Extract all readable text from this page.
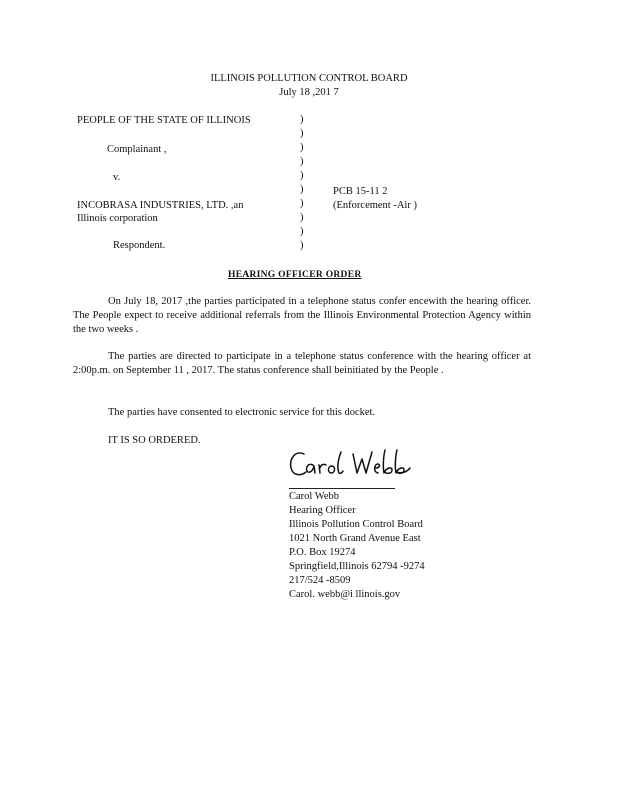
ILLINOIS POLLUTION CONTROL BOARD
July 18 ,201 7
PEOPLE OF THE STATE OF ILLINOIS
Complainant ,
v.
INCOBRASA INDUSTRIES, LTD. ,an
Illinois corporation
Respondent.
)
)
)
)
)
)
)
)
)
)
PCB 15-11 2
(Enforcement -Air )
HEARING OFFICER ORDER
On July 18, 2017 ,the parties participated in a telephone status confer encewith the hearing officer. The People expect to receive additional referrals from the Illinois Environmental Protection Agency within the two weeks .
The parties are directed to participate in a telephone status conference with the hearing officer at 2:00p.m. on September 11 , 2017. The status conference shall beinitiated by the People .
The parties have consented to electronic service for this docket.
IT IS SO ORDERED.
Carol Webb
Hearing Officer
Illinois Pollution Control Board
1021 North Grand Avenue East
P.O. Box 19274
Springfield,Illinois 62794 -9274
217/524 -8509
Carol. webb@i llinois.gov
